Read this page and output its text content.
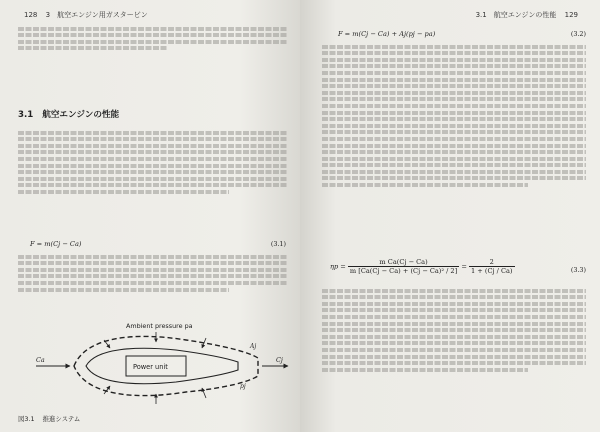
128 3　航空エンジン用ガスタービン
3.1 航空エンジンの性能
F = m(Cj − Ca)	(3.1)
Ambient pressure pa
Power unit
Ca	Cj
pj
Aj
図3.1 推進システム
3.1　航空エンジンの性能 129
F = m(Cj − Ca) + Aj(pj − pa)	(3.2)
$\eta p = \frac{\text{m Ca(Cj − Ca)}}{\text{m [Ca(Cj − Ca) + (Cj − Ca)² / 2]}} = \frac{2}{1 + (Cj / Ca)}$	(3.3)
